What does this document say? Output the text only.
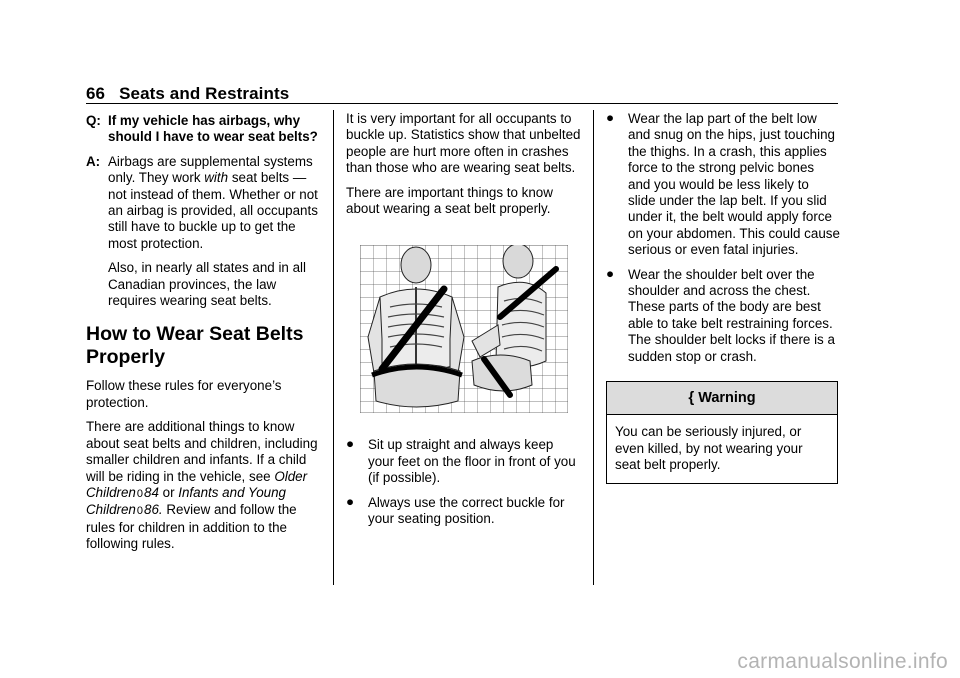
66 Seats and Restraints
Q: If my vehicle has airbags, why should I have to wear seat belts?
A: Airbags are supplemental systems only. They work with seat belts — not instead of them. Whether or not an airbag is provided, all occupants still have to buckle up to get the most protection.

Also, in nearly all states and in all Canadian provinces, the law requires wearing seat belts.

How to Wear Seat Belts Properly

Follow these rules for everyone’s protection.

There are additional things to know about seat belts and children, including smaller children and infants. If a child will be riding in the vehicle, see Older Children084 or Infants and Young Children086. Review and follow the rules for children in addition to the following rules.

It is very important for all occupants to buckle up. Statistics show that unbelted people are hurt more often in crashes than those who are wearing seat belts.

There are important things to know about wearing a seat belt properly.

● Sit up straight and always keep your feet on the floor in front of you (if possible).
● Always use the correct buckle for your seating position.
● Wear the lap part of the belt low and snug on the hips, just touching the thighs. In a crash, this applies force to the strong pelvic bones and you would be less likely to slide under the lap belt. If you slid under it, the belt would apply force on your abdomen. This could cause serious or even fatal injuries.
● Wear the shoulder belt over the shoulder and across the chest. These parts of the body are best able to take belt restraining forces. The shoulder belt locks if there is a sudden stop or crash.
{ Warning
You can be seriously injured, or even killed, by not wearing your seat belt properly.
carmanualsonline.info
